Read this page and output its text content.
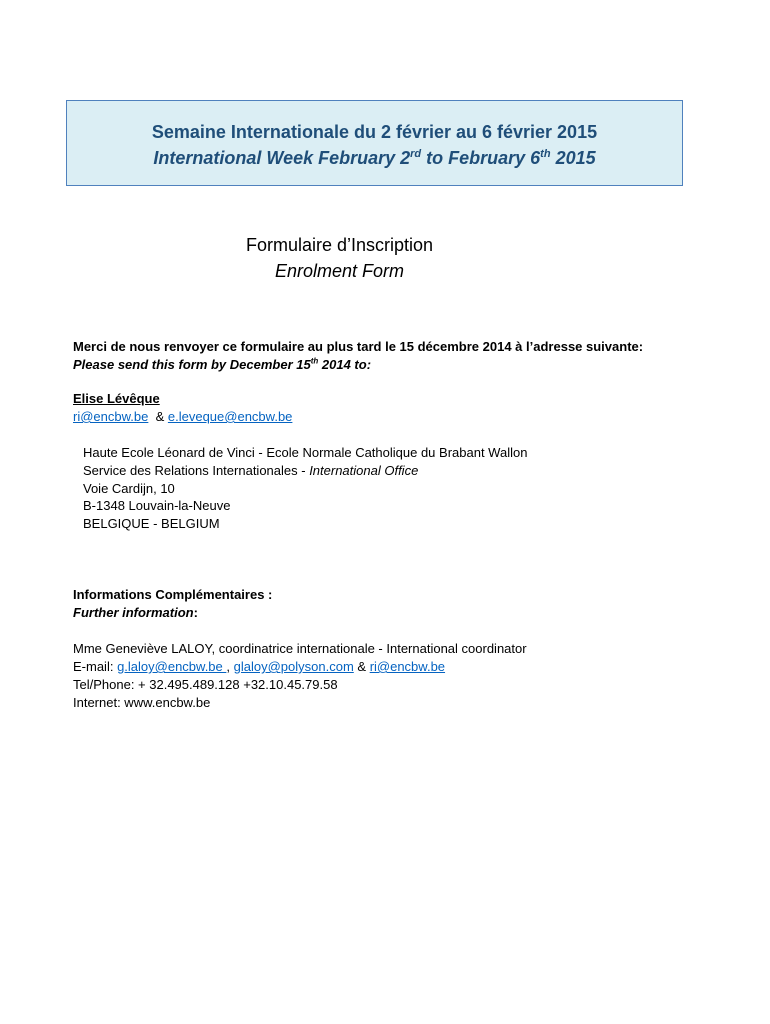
Semaine Internationale du 2 février au 6 février 2015
International Week February 2rd to February 6th 2015
Formulaire d’Inscription
Enrolment Form
Merci de nous renvoyer ce formulaire au plus tard le 15 décembre 2014 à l’adresse suivante:
Please send this form by December 15th 2014 to:
Elise Lévêque
ri@encbw.be & e.leveque@encbw.be
Haute Ecole Léonard de Vinci - Ecole Normale Catholique du Brabant Wallon
Service des Relations Internationales - International Office
Voie Cardijn, 10
B-1348 Louvain-la-Neuve
BELGIQUE - BELGIUM
Informations Complémentaires :
Further information:
Mme Geneviève LALOY, coordinatrice internationale - International coordinator
E-mail: g.laloy@encbw.be , glaloy@polyson.com & ri@encbw.be
Tel/Phone: + 32.495.489.128 +32.10.45.79.58
Internet: www.encbw.be
